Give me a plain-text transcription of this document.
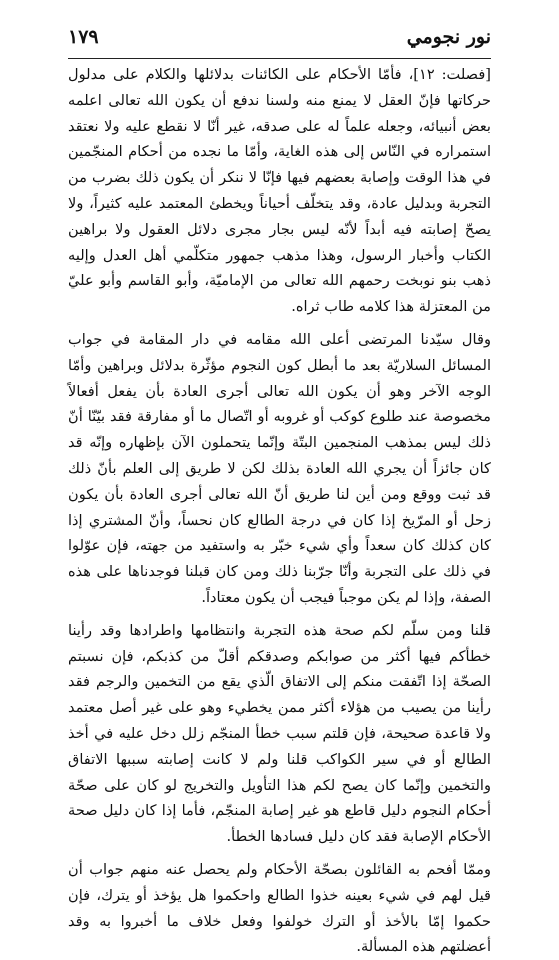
نور نجومي
١٧٩

[فصلت: ١٢]، فأمّا الأحكام على الكائنات بدلائلها والكلام على مدلول حركاتها فإنّ العقل لا يمنع منه ولسنا ندفع أن يكون الله تعالى اعلمه بعض أنبيائه، وجعله علماً له على صدقه، غير أنّا لا نقطع عليه ولا نعتقد استمراره في النّاس إلى هذه الغاية، وأمّا ما نجده من أحكام المنجّمين في هذا الوقت وإصابة بعضهم فيها فإنّا لا ننكر أن يكون ذلك بضرب من التجربة وبدليل عادة، وقد يتخلّف أحياناً ويخطئ المعتمد عليه كثيراً، ولا يصحّ إصابته فيه أبداً لأنّه ليس بجار مجرى دلائل العقول ولا براهين الكتاب وأخبار الرسول، وهذا مذهب جمهور متكلّمي أهل العدل وإليه ذهب بنو نوبخت رحمهم الله تعالى من الإماميّة، وأبو القاسم وأبو عليّ من المعتزلة هذا كلامه طاب ثراه.

وقال سيّدنا المرتضى أعلى الله مقامه في دار المقامة في جواب المسائل السلاريّة بعد ما أبطل كون النجوم مؤثّرة بدلائل وبراهين وأمّا الوجه الآخر وهو أن يكون الله تعالى أجرى العادة بأن يفعل أفعالاً مخصوصة عند طلوع كوكب أو غروبه أو اتّصال ما أو مفارقة فقد بيّنّا أنّ ذلك ليس بمذهب المنجمين البتّة وإنّما يتحملون الآن بإظهاره وإنّه قد كان جائزاً أن يجري الله العادة بذلك لكن لا طريق إلى العلم بأنّ ذلك قد ثبت ووقع ومن أين لنا طريق أنّ الله تعالى أجرى العادة بأن يكون زحل أو المرّيخ إذا كان في درجة الطالع كان نحساً، وأنّ المشتري إذا كان كذلك كان سعداً وأي شيء خبّر به واستفيد من جهته، فإن عوّلوا في ذلك على التجربة وأنّا جرّبنا ذلك ومن كان قبلنا فوجدناها على هذه الصفة، وإذا لم يكن موجباً فيجب أن يكون معتاداً.

قلنا ومن سلّم لكم صحة هذه التجربة وانتظامها واطرادها وقد رأينا خطأكم فيها أكثر من صوابكم وصدقكم أقلّ من كذبكم، فإن نسبتم الصحّة إذا اتّفقت منكم إلى الاتفاق الّذي يقع من التخمين والرجم فقد رأينا من يصيب من هؤلاء أكثر ممن يخطيء وهو على غير أصل معتمد ولا قاعدة صحيحة، فإن قلتم سبب خطأ المنجّم زلل دخل عليه في أخذ الطالع أو في سير الكواكب قلنا ولم لا كانت إصابته سببها الاتفاق والتخمين وإنّما كان يصح لكم هذا التأويل والتخريج لو كان على صحّة أحكام النجوم دليل قاطع هو غير إصابة المنجّم، فأما إذا كان دليل صحة الأحكام الإصابة فقد كان دليل فسادها الخطأ.

وممّا أفحم به القائلون بصحّة الأحكام ولم يحصل عنه منهم جواب أن قيل لهم في شيء بعينه خذوا الطالع واحكموا هل يؤخذ أو يترك، فإن حكموا إمّا بالأخذ أو الترك خولفوا وفعل خلاف ما أخبروا به وقد أعضلتهم هذه المسألة.
